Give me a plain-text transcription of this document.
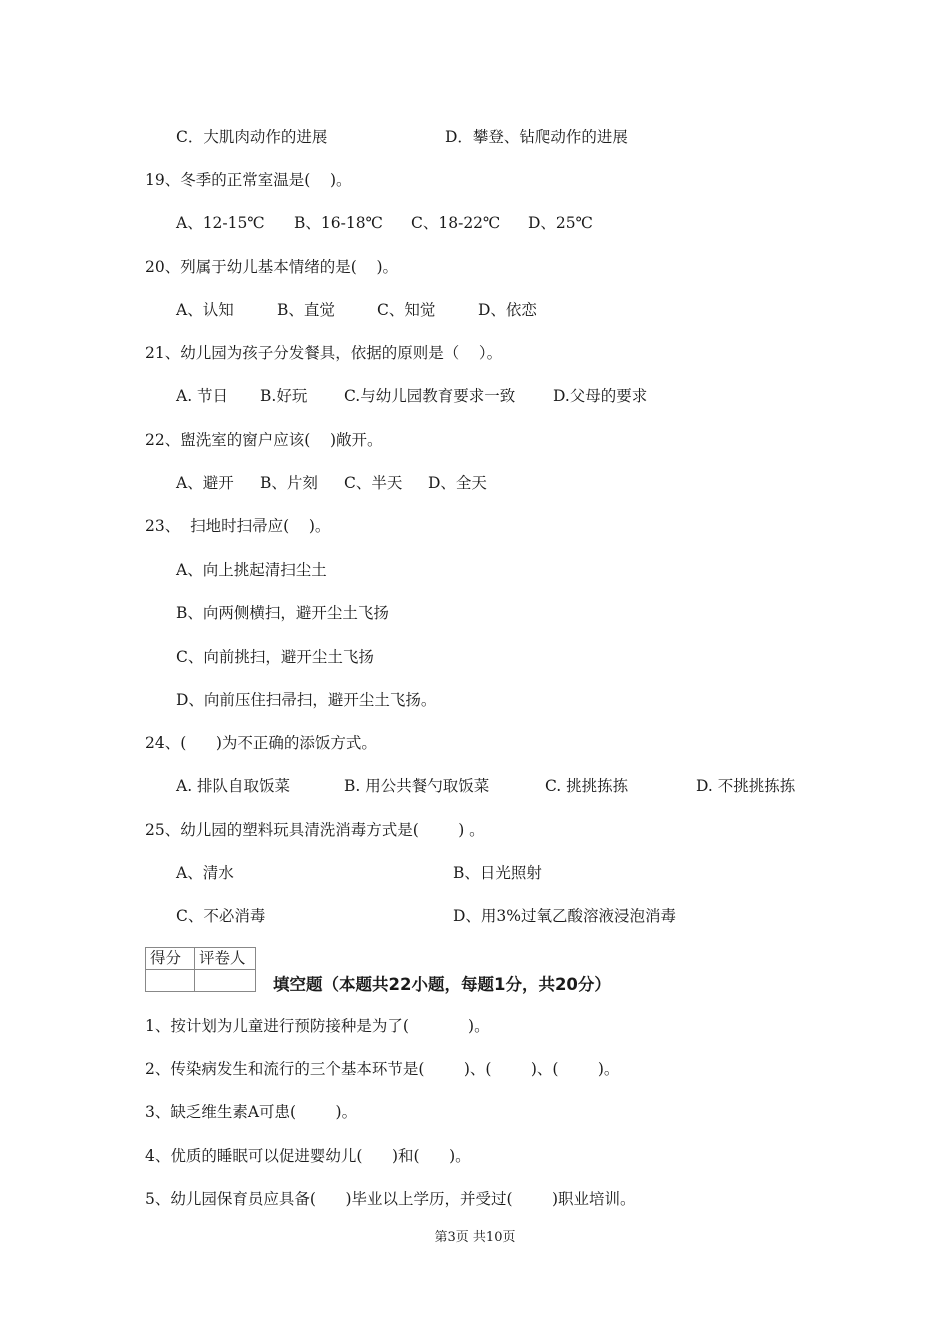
C．大肌肉动作的进展	D．攀登、钻爬动作的进展
19、冬季的正常室温是(    )。
A、12-15℃ B、16-18℃ C、18-22℃ D、25℃
20、列属于幼儿基本情绪的是(    )。
A、认知	B、直觉	C、知觉	D、依恋
21、幼儿园为孩子分发餐具，依据的原则是（    ）。
A. 节日 B.好玩 C.与幼儿园教育要求一致 D.父母的要求
22、盥洗室的窗户应该(    )敞开。
A、避开 B、片刻 C、半天 D、全天
23、  扫地时扫帚应(    )。
A、向上挑起清扫尘土
B、向两侧横扫，避开尘土飞扬
C、向前挑扫，避开尘土飞扬
D、向前压住扫帚扫，避开尘土飞扬。
24、(      )为不正确的添饭方式。
A. 排队自取饭菜	B. 用公共餐勺取饭菜	C. 挑挑拣拣	D. 不挑挑拣拣
25、幼儿园的塑料玩具清洗消毒方式是(        ) 。
A、清水	B、日光照射
C、不必消毒	D、用3%过氧乙酸溶液浸泡消毒
得分	评卷人

填空题（本题共22小题，每题1分，共20分）
1、按计划为儿童进行预防接种是为了(            )。
2、传染病发生和流行的三个基本环节是(        )、(        )、(        )。
3、缺乏维生素A可患(        )。
4、优质的睡眠可以促进婴幼儿(      )和(      )。
5、幼儿园保育员应具备(      )毕业以上学历，并受过(        )职业培训。
第3页 共10页
